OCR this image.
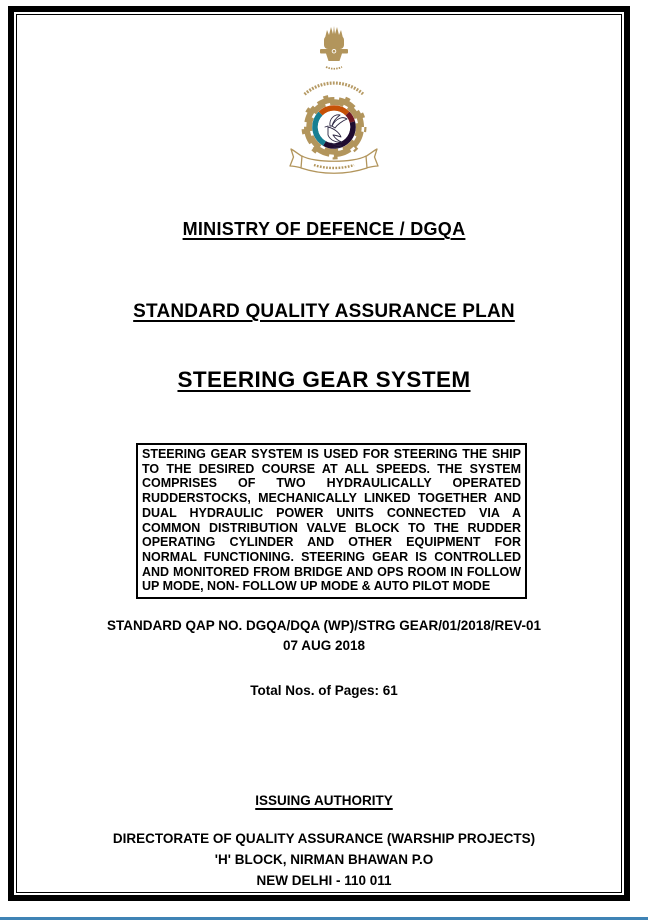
MINISTRY OF DEFENCE / DGQA
STANDARD QUALITY ASSURANCE PLAN
STEERING GEAR SYSTEM
STEERING GEAR SYSTEM IS USED FOR STEERING THE SHIP TO THE DESIRED COURSE AT ALL SPEEDS. THE SYSTEM COMPRISES OF TWO HYDRAULICALLY OPERATED RUDDERSTOCKS, MECHANICALLY LINKED TOGETHER AND DUAL HYDRAULIC POWER UNITS CONNECTED VIA A COMMON DISTRIBUTION VALVE BLOCK TO THE RUDDER OPERATING CYLINDER AND OTHER EQUIPMENT FOR NORMAL FUNCTIONING. STEERING GEAR IS CONTROLLED AND MONITORED FROM BRIDGE AND OPS ROOM IN FOLLOW UP MODE, NON- FOLLOW UP MODE & AUTO PILOT MODE
STANDARD QAP NO. DGQA/DQA (WP)/STRG GEAR/01/2018/REV-01
07 AUG 2018
Total Nos. of Pages: 61
ISSUING AUTHORITY
DIRECTORATE OF QUALITY ASSURANCE (WARSHIP PROJECTS)
'H' BLOCK, NIRMAN BHAWAN P.O
NEW DELHI - 110 011
